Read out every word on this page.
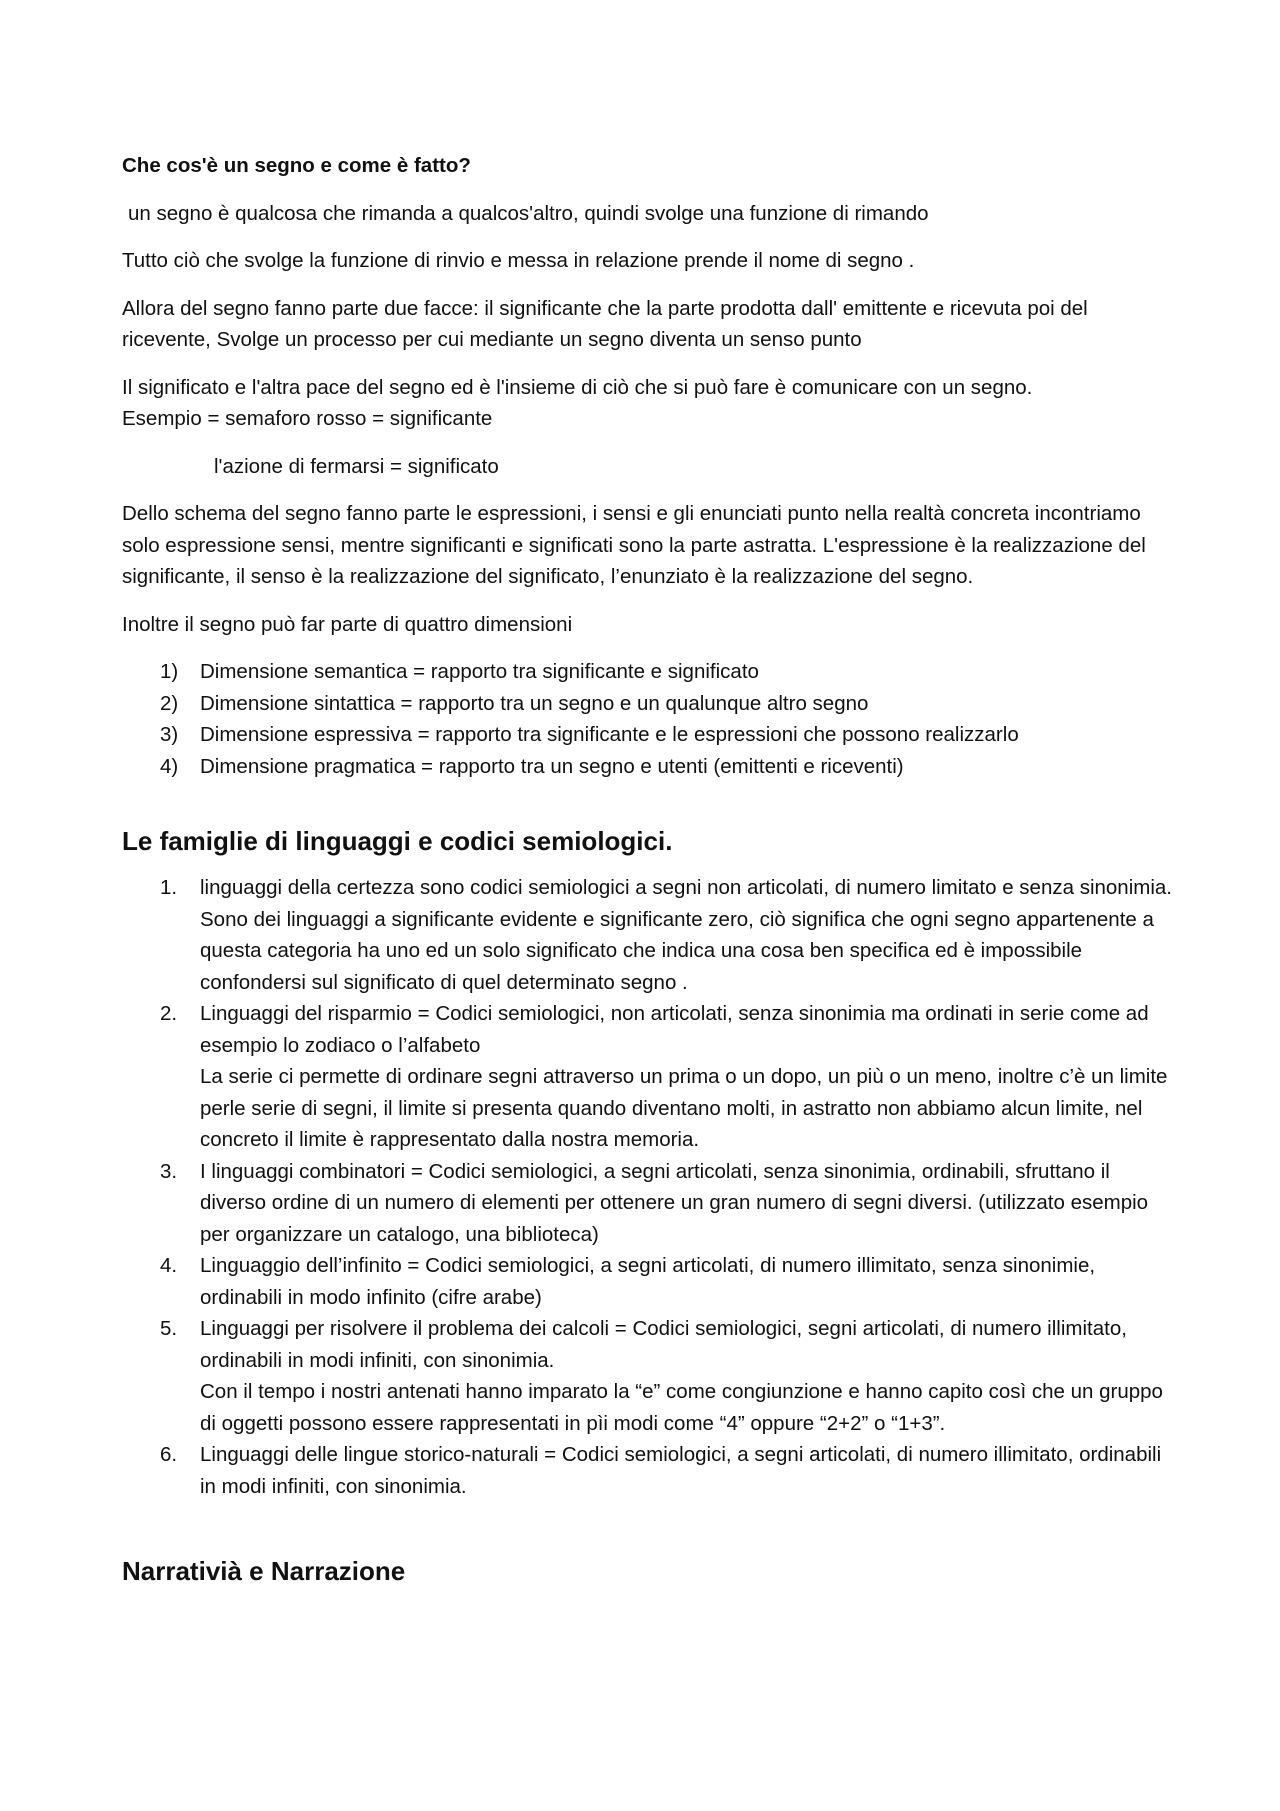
Che cos'è un segno e come è fatto?

un segno è qualcosa che rimanda a qualcos'altro, quindi svolge una funzione di rimando

Tutto ciò che svolge la funzione di rinvio e messa in relazione prende il nome di segno .

Allora del segno fanno parte due facce: il significante che la parte prodotta dall' emittente e ricevuta poi del ricevente, Svolge un processo per cui mediante un segno diventa un senso punto

Il significato e l'altra pace del segno ed è l'insieme di ciò che si può fare è comunicare con un segno.

Esempio = semaforo rosso = significante

l'azione di fermarsi = significato

Dello schema del segno fanno parte le espressioni, i sensi e gli enunciati punto nella realtà concreta incontriamo solo espressione sensi, mentre significanti e significati sono la parte astratta. L'espressione è la realizzazione del significante, il senso è la realizzazione del significato, l’enunziato è la realizzazione del segno.

Inoltre il segno può far parte di quattro dimensioni

1)	Dimensione semantica = rapporto tra significante e significato
2)	Dimensione sintattica = rapporto tra un segno e un qualunque altro segno
3)	Dimensione espressiva = rapporto tra significante e le espressioni che possono realizzarlo
4)	Dimensione pragmatica = rapporto tra un segno e utenti (emittenti e riceventi)
Le famiglie di linguaggi e codici semiologici.
1.	linguaggi della certezza sono codici semiologici a segni non articolati, di numero limitato e senza sinonimia.
Sono dei linguaggi a significante evidente e significante zero, ciò significa che ogni segno appartenente a questa categoria ha uno ed un solo significato che indica una cosa ben specifica ed è impossibile confondersi sul significato di quel determinato segno .
2.	Linguaggi del risparmio = Codici semiologici, non articolati, senza sinonimia ma ordinati in serie come ad esempio lo zodiaco o l’alfabeto
La serie ci permette di ordinare segni attraverso un prima o un dopo, un più o un meno, inoltre c’è un limite perle serie di segni, il limite si presenta quando diventano molti, in astratto non abbiamo alcun limite, nel concreto il limite è rappresentato dalla nostra memoria.
3.	I linguaggi combinatori = Codici semiologici, a segni articolati, senza sinonimia, ordinabili, sfruttano il diverso ordine di un numero di elementi per ottenere un gran numero di segni diversi. (utilizzato esempio per organizzare un catalogo, una biblioteca)
4.	Linguaggio dell’infinito = Codici semiologici, a segni articolati, di numero illimitato, senza sinonimie, ordinabili in modo infinito (cifre arabe)
5.	Linguaggi per risolvere il problema dei calcoli = Codici semiologici, segni articolati, di numero illimitato, ordinabili in modi infiniti, con sinonimia.
Con il tempo i nostri antenati hanno imparato la “e” come congiunzione e hanno capito così che un gruppo di oggetti possono essere rappresentati in pìi modi come “4” oppure “2+2” o “1+3”.
6.	Linguaggi delle lingue storico-naturali = Codici semiologici, a segni articolati, di numero illimitato, ordinabili in modi infiniti, con sinonimia.
Narrativià e Narrazione
